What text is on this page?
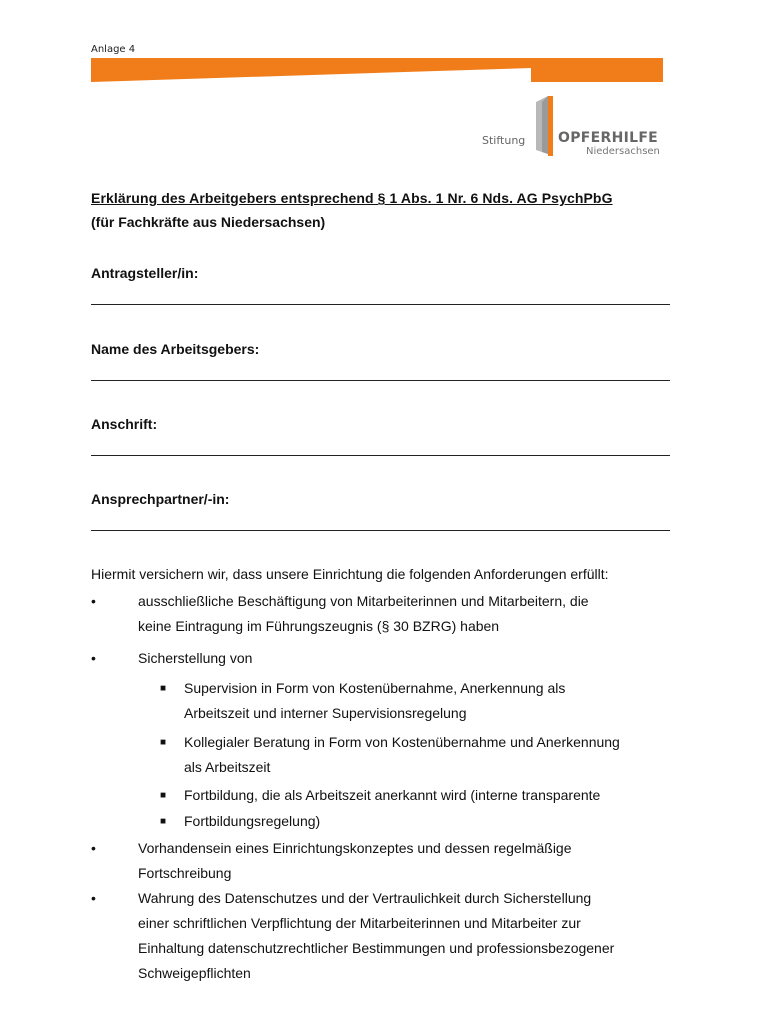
Anlage 4
Stiftung OPFERHILFE
Niedersachsen
Erklärung des Arbeitgebers entsprechend § 1 Abs. 1 Nr. 6 Nds. AG PsychPbG
(für Fachkräfte aus Niedersachsen)
Antragsteller/in:
Name des Arbeitsgebers:
Anschrift:
Ansprechpartner/-in:
Hiermit versichern wir, dass unsere Einrichtung die folgenden Anforderungen erfüllt:
•	ausschließliche Beschäftigung von Mitarbeiterinnen und Mitarbeitern, die
keine Eintragung im Führungszeugnis (§ 30 BZRG) haben
•	Sicherstellung von
■ Supervision in Form von Kostenübernahme, Anerkennung als
Arbeitszeit und interner Supervisionsregelung
■ Kollegialer Beratung in Form von Kostenübernahme und Anerkennung
als Arbeitszeit
■ Fortbildung, die als Arbeitszeit anerkannt wird (interne transparente
■ Fortbildungsregelung)
•	Vorhandensein eines Einrichtungskonzeptes und dessen regelmäßige
Fortschreibung
•	Wahrung des Datenschutzes und der Vertraulichkeit durch Sicherstellung
einer schriftlichen Verpflichtung der Mitarbeiterinnen und Mitarbeiter zur
Einhaltung datenschutzrechtlicher Bestimmungen und professionsbezogener
Schweigepflichten
